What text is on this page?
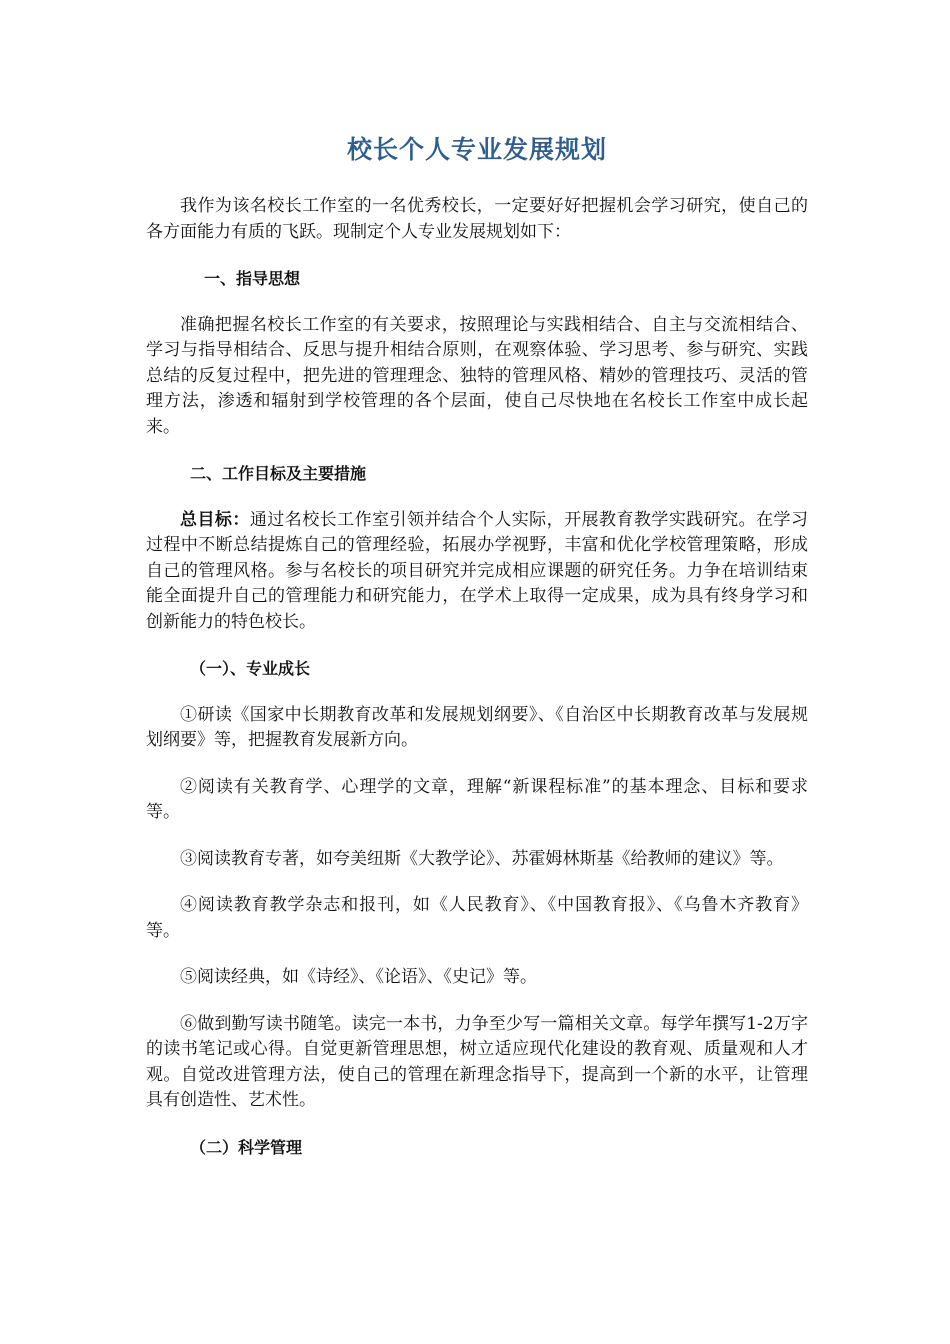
校长个人专业发展规划

我作为该名校长工作室的一名优秀校长，一定要好好把握机会学习研究，使自己的各方面能力有质的飞跃。现制定个人专业发展规划如下：

一、指导思想

准确把握名校长工作室的有关要求，按照理论与实践相结合、自主与交流相结合、学习与指导相结合、反思与提升相结合原则，在观察体验、学习思考、参与研究、实践总结的反复过程中，把先进的管理理念、独特的管理风格、精妙的管理技巧、灵活的管理方法，渗透和辐射到学校管理的各个层面，使自己尽快地在名校长工作室中成长起来。

二、工作目标及主要措施

总目标：通过名校长工作室引领并结合个人实际，开展教育教学实践研究。在学习过程中不断总结提炼自己的管理经验，拓展办学视野，丰富和优化学校管理策略，形成自己的管理风格。参与名校长的项目研究并完成相应课题的研究任务。力争在培训结束能全面提升自己的管理能力和研究能力，在学术上取得一定成果，成为具有终身学习和创新能力的特色校长。

（一）、专业成长

①研读《国家中长期教育改革和发展规划纲要》、《自治区中长期教育改革与发展规划纲要》等，把握教育发展新方向。

②阅读有关教育学、心理学的文章，理解“新课程标准”的基本理念、目标和要求等。

③阅读教育专著，如夸美纽斯《大教学论》、苏霍姆林斯基《给教师的建议》等。

④阅读教育教学杂志和报刊，如《人民教育》、《中国教育报》、《乌鲁木齐教育》等。

⑤阅读经典，如《诗经》、《论语》、《史记》等。

⑥做到勤写读书随笔。读完一本书，力争至少写一篇相关文章。每学年撰写1-2万字的读书笔记或心得。自觉更新管理思想，树立适应现代化建设的教育观、质量观和人才观。自觉改进管理方法，使自己的管理在新理念指导下，提高到一个新的水平，让管理具有创造性、艺术性。

（二）科学管理
